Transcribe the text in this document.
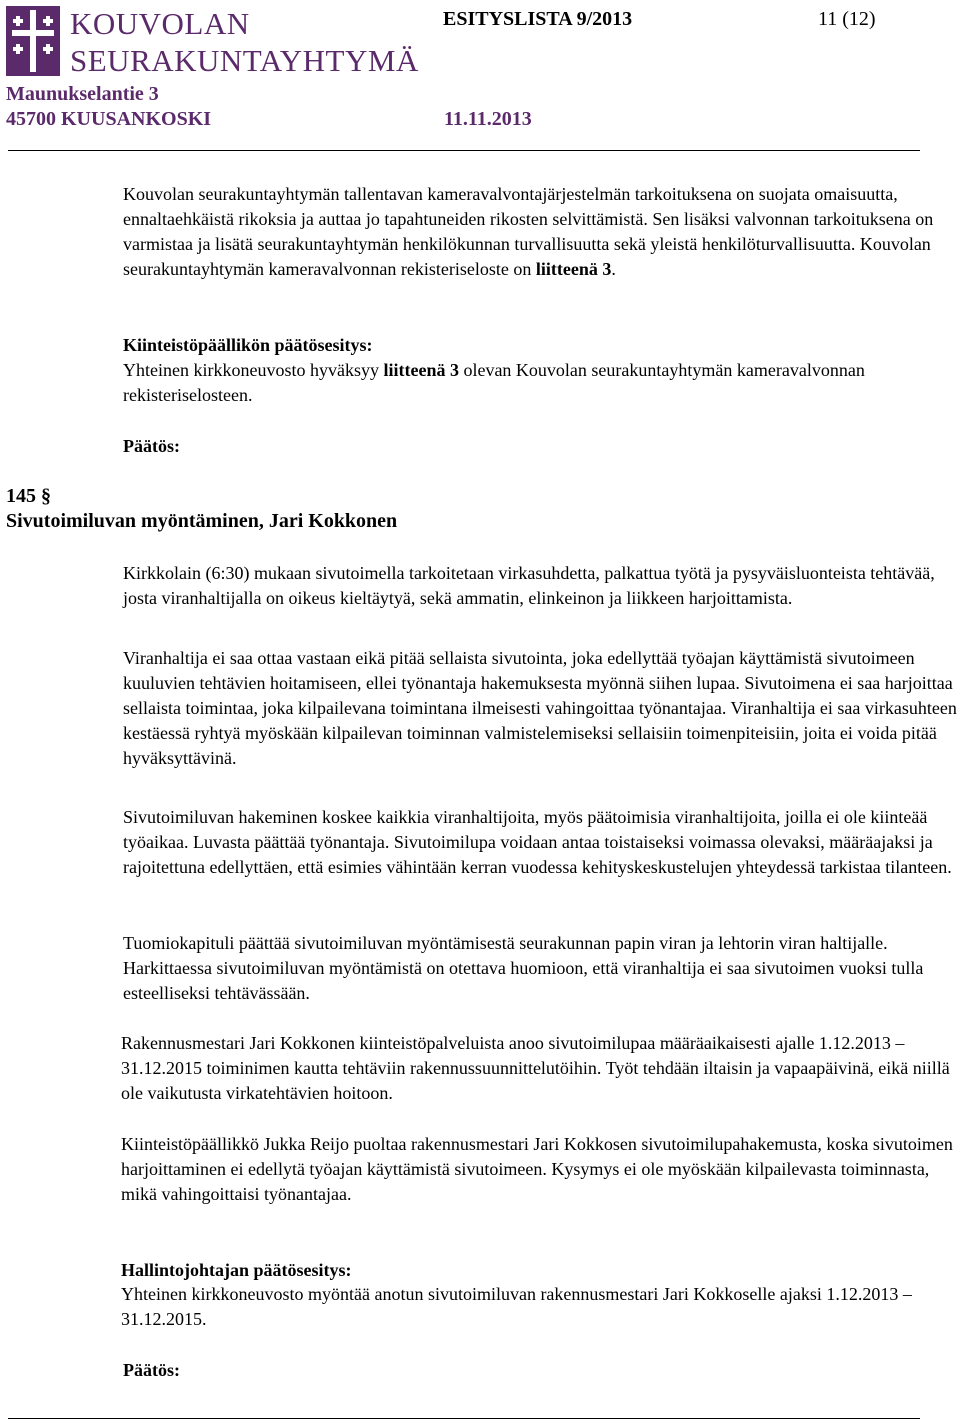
KOUVOLAN
SEURAKUNTAYHTYMÄ
ESITYSLISTA 9/2013	11 (12)
Maunukselantie 3
45700 KUUSANKOSKI	11.11.2013

Kouvolan seurakuntayhtymän tallentavan kameravalvontajärjestelmän tarkoituksena on suojata omaisuutta, ennaltaehkäistä rikoksia ja auttaa jo tapahtuneiden rikosten selvittämistä. Sen lisäksi valvonnan tarkoituksena on varmistaa ja lisätä seurakuntayhtymän henkilökunnan turvallisuutta sekä yleistä henkilöturvallisuutta. Kouvolan seurakuntayhtymän kameravalvonnan rekisteriseloste on liitteenä 3.

Kiinteistöpäällikön päätösesitys:

Yhteinen kirkkoneuvosto hyväksyy liitteenä 3 olevan Kouvolan seurakuntayhtymän kameravalvonnan rekisteriselosteen.

Päätös:
145 §
Sivutoimiluvan myöntäminen, Jari Kokkonen

Kirkkolain (6:30) mukaan sivutoimella tarkoitetaan virkasuhdetta, palkattua työtä ja pysyväisluonteista tehtävää, josta viranhaltijalla on oikeus kieltäytyä, sekä ammatin, elinkeinon ja liikkeen harjoittamista.

Viranhaltija ei saa ottaa vastaan eikä pitää sellaista sivutointa, joka edellyttää työajan käyttämistä sivutoimeen kuuluvien tehtävien hoitamiseen, ellei työnantaja hakemuksesta myönnä siihen lupaa. Sivutoimena ei saa harjoittaa sellaista toimintaa, joka kilpailevana toimintana ilmeisesti vahingoittaa työnantajaa. Viranhaltija ei saa virkasuhteen kestäessä ryhtyä myöskään kilpailevan toiminnan valmistelemiseksi sellaisiin toimenpiteisiin, joita ei voida pitää hyväksyttävinä.

Sivutoimiluvan hakeminen koskee kaikkia viranhaltijoita, myös päätoimisia viranhaltijoita, joilla ei ole kiinteää työaikaa. Luvasta päättää työnantaja. Sivutoimilupa voidaan antaa toistaiseksi voimassa olevaksi, määräajaksi ja rajoitettuna edellyttäen, että esimies vähintään kerran vuodessa kehityskeskustelujen yhteydessä tarkistaa tilanteen.

Tuomiokapituli päättää sivutoimiluvan myöntämisestä seurakunnan papin viran ja lehtorin viran haltijalle. Harkittaessa sivutoimiluvan myöntämistä on otettava huomioon, että viranhaltija ei saa sivutoimen vuoksi tulla esteelliseksi tehtävässään.

Rakennusmestari Jari Kokkonen kiinteistöpalveluista anoo sivutoimilupaa määräaikaisesti ajalle 1.12.2013 – 31.12.2015 toiminimen kautta tehtäviin rakennussuunnittelutöihin. Työt tehdään iltaisin ja vapaapäivinä, eikä niillä ole vaikutusta virkatehtävien hoitoon.

Kiinteistöpäällikkö Jukka Reijo puoltaa rakennusmestari Jari Kokkosen sivutoimilupahakemusta, koska sivutoimen harjoittaminen ei edellytä työajan käyttämistä sivutoimeen. Kysymys ei ole myöskään kilpailevasta toiminnasta, mikä vahingoittaisi työnantajaa.

Hallintojohtajan päätösesitys:

Yhteinen kirkkoneuvosto myöntää anotun sivutoimiluvan rakennusmestari Jari Kokkoselle ajaksi 1.12.2013 – 31.12.2015.

Päätös:
